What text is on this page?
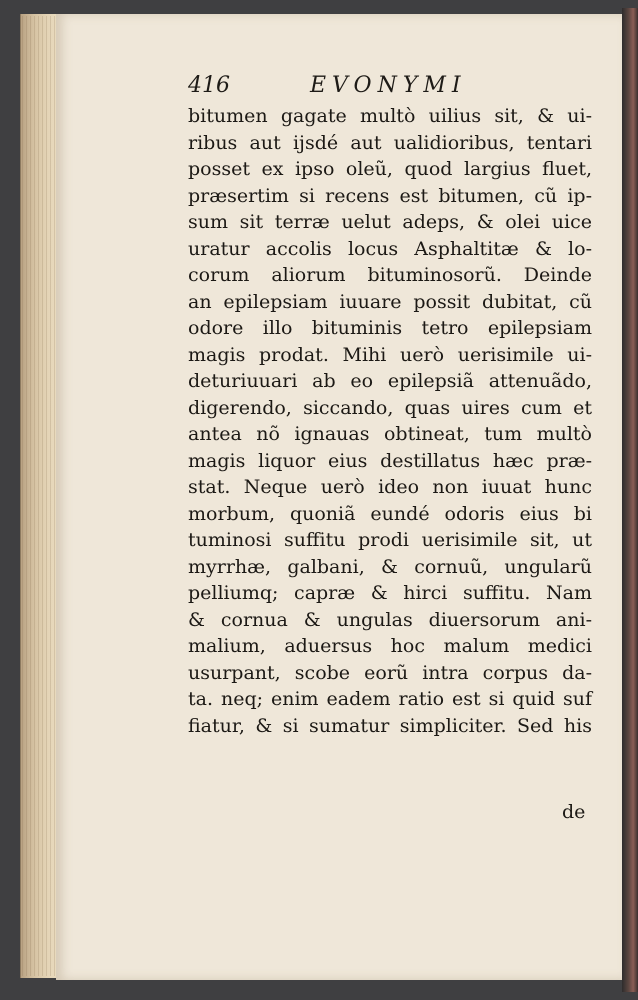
416	EVONYMI
bitumen gagate multò uilius sit, & ui-
ribus aut ijsdé aut ualidioribus, tentari
posset ex ipso oleũ, quod largius fluet,
præsertim si recens est bitumen, cũ ip-
sum sit terræ uelut adeps, & olei uice
uratur accolis locus Asphaltitæ & lo-
corum aliorum bituminosorũ. Deinde
an epilepsiam iuuare possit dubitat, cũ
odore illo bituminis tetro epilepsiam
magis prodat. Mihi uerò uerisimile ui-
deturiuuari ab eo epilepsiã attenuãdo,
digerendo, siccando, quas uires cum et
antea nõ ignauas obtineat, tum multò
magis liquor eius destillatus hæc præ-
stat. Neque uerò ideo non iuuat hunc
morbum, quoniã eundé odoris eius bi
tuminosi suffitu prodi uerisimile sit, ut
myrrhæ, galbani, & cornuũ, ungularũ
pelliumq; capræ & hirci suffitu. Nam
& cornua & ungulas diuersorum ani-
malium, aduersus hoc malum medici
usurpant, scobe eorũ intra corpus da-
ta. neq; enim eadem ratio est si quid suf
fiatur, & si sumatur simpliciter. Sed his
de
